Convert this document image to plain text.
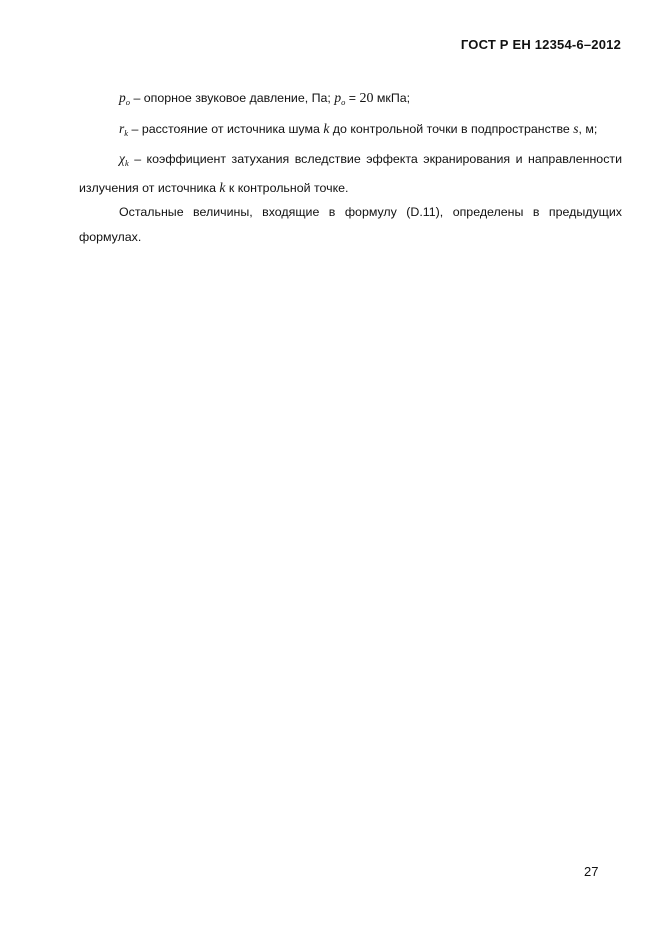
ГОСТ Р ЕН 12354-6–2012

$p_o$ – опорное звуковое давление, Па; $p_o = 20$ мкПа;

$r_k$ – расстояние от источника шума k до контрольной точки в подпространстве s, м;

$\chi_k$ – коэффициент затухания вследствие эффекта экранирования и направленности излучения от источника k к контрольной точке.

Остальные величины, входящие в формулу (D.11), определены в предыдущих формулах.

27
